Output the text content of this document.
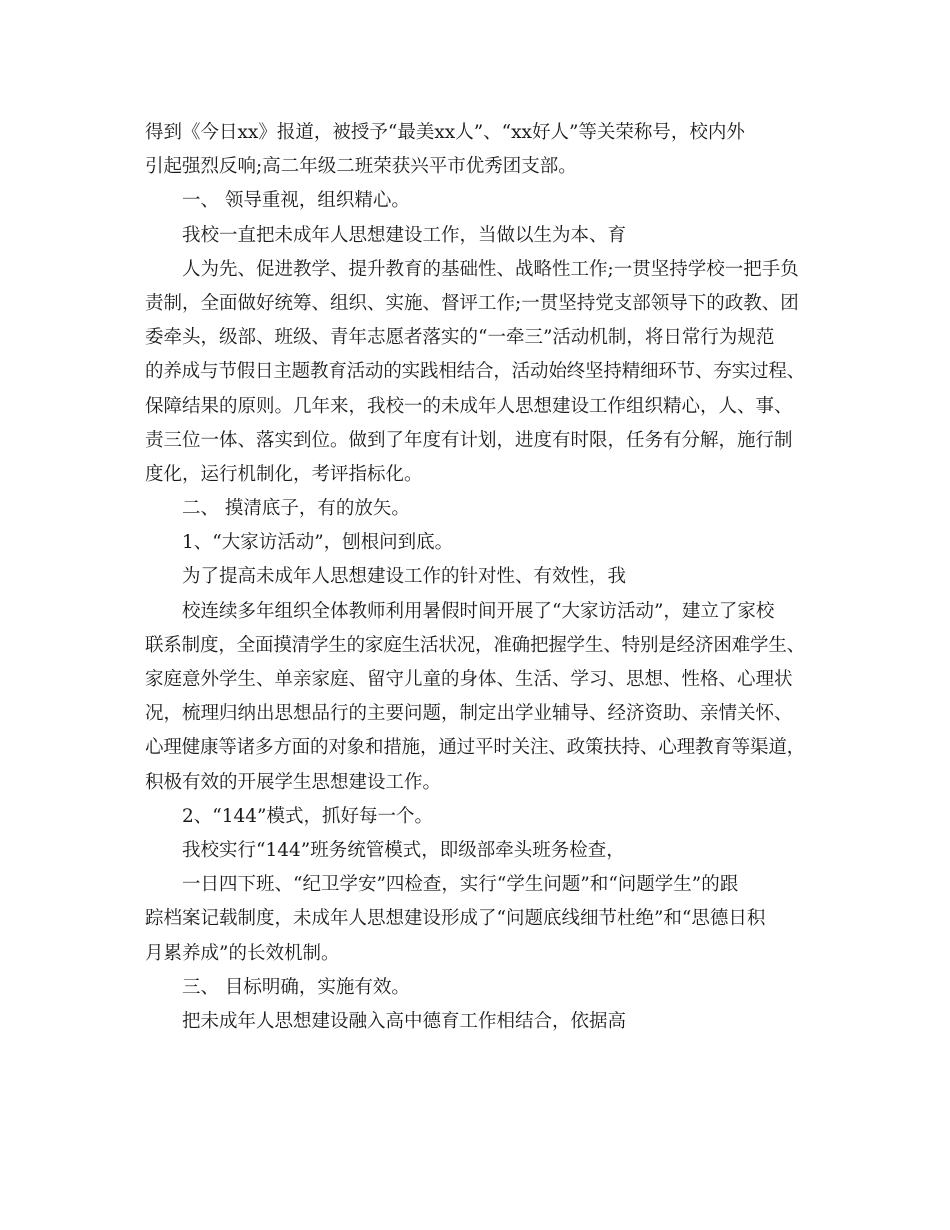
得到《今日xx》报道，被授予“最美xx人”、“xx好人”等关荣称号，校内外
引起强烈反响;高二年级二班荣获兴平市优秀团支部。
一、 领导重视，组织精心。
我校一直把未成年人思想建设工作，当做以生为本、育
人为先、促进教学、提升教育的基础性、战略性工作;一贯坚持学校一把手负
责制，全面做好统筹、组织、实施、督评工作;一贯坚持党支部领导下的政教、团
委牵头，级部、班级、青年志愿者落实的“一牵三”活动机制，将日常行为规范
的养成与节假日主题教育活动的实践相结合，活动始终坚持精细环节、夯实过程、
保障结果的原则。几年来，我校一的未成年人思想建设工作组织精心，人、事、
责三位一体、落实到位。做到了年度有计划，进度有时限，任务有分解，施行制
度化，运行机制化，考评指标化。
二、 摸清底子，有的放矢。
1、“大家访活动”，刨根问到底。
为了提高未成年人思想建设工作的针对性、有效性，我
校连续多年组织全体教师利用暑假时间开展了“大家访活动”，建立了家校
联系制度，全面摸清学生的家庭生活状况，准确把握学生、特别是经济困难学生、
家庭意外学生、单亲家庭、留守儿童的身体、生活、学习、思想、性格、心理状
况，梳理归纳出思想品行的主要问题，制定出学业辅导、经济资助、亲情关怀、
心理健康等诸多方面的对象和措施，通过平时关注、政策扶持、心理教育等渠道，
积极有效的开展学生思想建设工作。
2、“144”模式，抓好每一个。
我校实行“144”班务统管模式，即级部牵头班务检查，
一日四下班、“纪卫学安”四检查，实行“学生问题”和“问题学生”的跟
踪档案记载制度，未成年人思想建设形成了“问题底线细节杜绝”和“思德日积
月累养成”的长效机制。
三、 目标明确，实施有效。
把未成年人思想建设融入高中德育工作相结合，依据高
